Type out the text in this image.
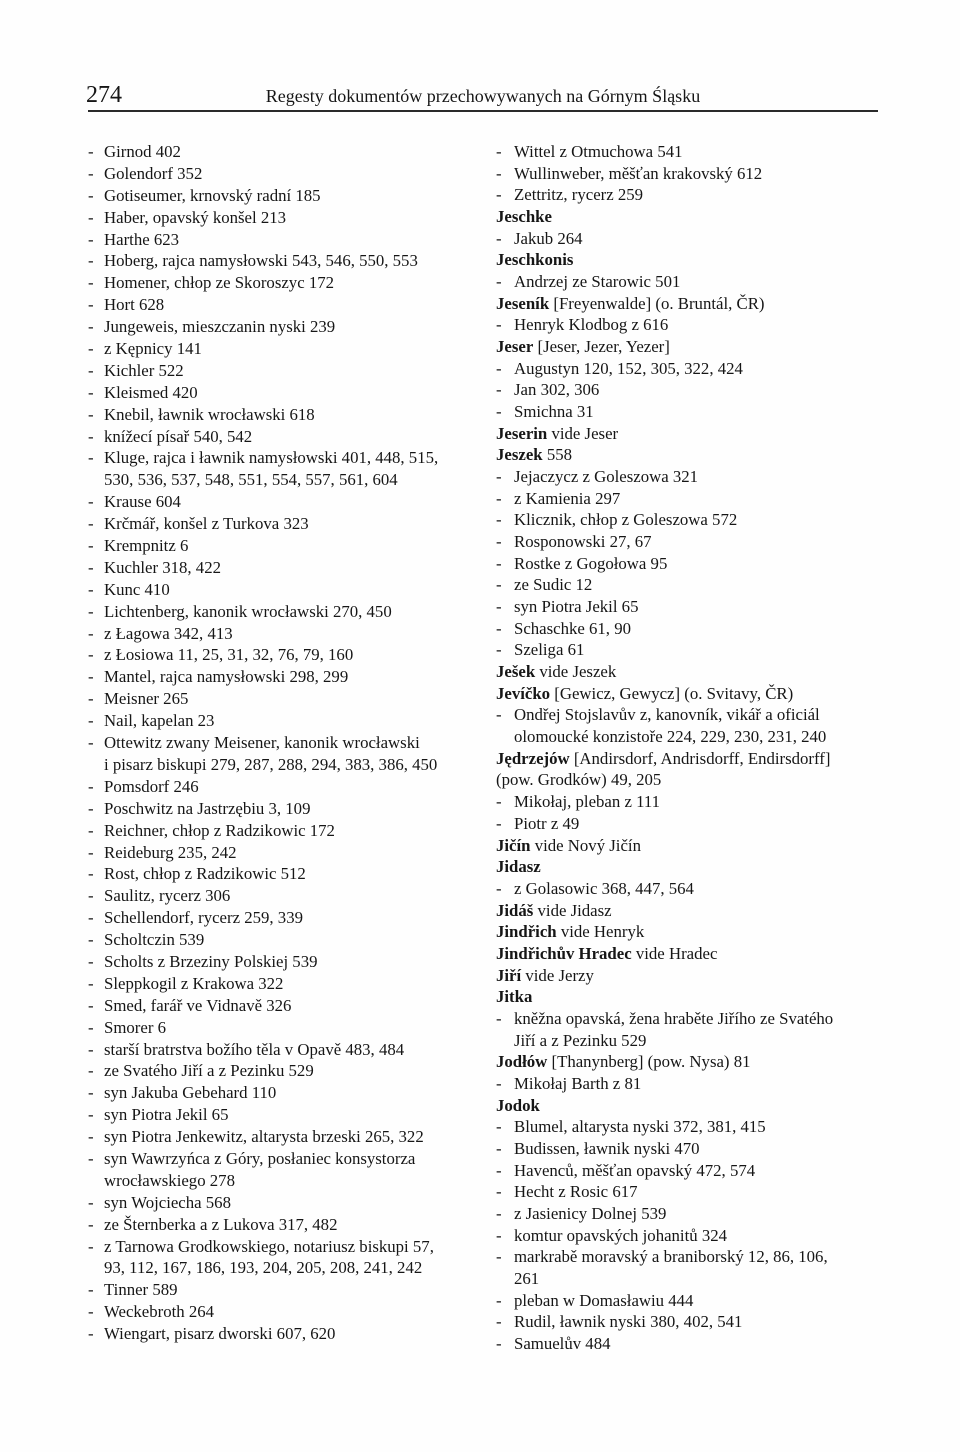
274	Regesty dokumentów przechowywanych na Górnym Śląsku
- Girnod 402
- Golendorf 352
- Gotiseumer, krnovský radní 185
- Haber, opavský konšel 213
- Harthe 623
- Hoberg, rajca namysłowski 543, 546, 550, 553
- Homener, chłop ze Skoroszyc 172
- Hort 628
- Jungeweis, mieszczanin nyski 239
- z Kępnicy 141
- Kichler 522
- Kleismed 420
- Knebil, ławnik wrocławski 618
- knížecí písař 540, 542
- Kluge, rajca i ławnik namysłowski 401, 448, 515,
530, 536, 537, 548, 551, 554, 557, 561, 604
- Krause 604
- Krčmář, konšel z Turkova 323
- Krempnitz 6
- Kuchler 318, 422
- Kunc 410
- Lichtenberg, kanonik wrocławski 270, 450
- z Łagowa 342, 413
- z Łosiowa 11, 25, 31, 32, 76, 79, 160
- Mantel, rajca namysłowski 298, 299
- Meisner 265
- Nail, kapelan 23
- Ottewitz zwany Meisener, kanonik wrocławski
i pisarz biskupi 279, 287, 288, 294, 383, 386, 450
- Pomsdorf 246
- Poschwitz na Jastrzębiu 3, 109
- Reichner, chłop z Radzikowic 172
- Reideburg 235, 242
- Rost, chłop z Radzikowic 512
- Saulitz, rycerz 306
- Schellendorf, rycerz 259, 339
- Scholtczin 539
- Scholts z Brzeziny Polskiej 539
- Sleppkogil z Krakowa 322
- Smed, farář ve Vidnavě 326
- Smorer 6
- starší bratrstva božího těla v Opavě 483, 484
- ze Svatého Jiří a z Pezinku 529
- syn Jakuba Gebehard 110
- syn Piotra Jekil 65
- syn Piotra Jenkewitz, altarysta brzeski 265, 322
- syn Wawrzyńca z Góry, posłaniec konsystorza
wrocławskiego 278
- syn Wojciecha 568
- ze Šternberka a z Lukova 317, 482
- z Tarnowa Grodkowskiego, notariusz biskupi 57,
93, 112, 167, 186, 193, 204, 205, 208, 241, 242
- Tinner 589
- Weckebroth 264
- Wiengart, pisarz dworski 607, 620
- Wittel z Otmuchowa 541
- Wullinweber, měšťan krakovský 612
- Zettritz, rycerz 259
Jeschke
- Jakub 264
Jeschkonis
- Andrzej ze Starowic 501
Jeseník [Freyenwalde] (o. Bruntál, ČR)
- Henryk Klodbog z 616
Jeser [Jeser, Jezer, Yezer]
- Augustyn 120, 152, 305, 322, 424
- Jan 302, 306
- Smichna 31
Jeserin vide Jeser
Jeszek 558
- Jejaczycz z Goleszowa 321
- z Kamienia 297
- Klicznik, chłop z Goleszowa 572
- Rosponowski 27, 67
- Rostke z Gogołowa 95
- ze Sudic 12
- syn Piotra Jekil 65
- Schaschke 61, 90
- Szeliga 61
Ješek vide Jeszek
Jevíčko [Gewicz, Gewycz] (o. Svitavy, ČR)
- Ondřej Stojslavův z, kanovník, vikář a oficiál
olomoucké konzistoře 224, 229, 230, 231, 240
Jędrzejów [Andirsdorf, Andrisdorff, Endirsdorff]
(pow. Grodków) 49, 205
- Mikołaj, pleban z 111
- Piotr z 49
Jičín vide Nový Jičín
Jidasz
- z Golasowic 368, 447, 564
Jidáš vide Jidasz
Jindřich vide Henryk
Jindřichův Hradec vide Hradec
Jiří vide Jerzy
Jitka
- kněžna opavská, žena hraběte Jiřího ze Svatého
Jiří a z Pezinku 529
Jodłów [Thanynberg] (pow. Nysa) 81
- Mikołaj Barth z 81
Jodok
- Blumel, altarysta nyski 372, 381, 415
- Budissen, ławnik nyski 470
- Havenců, měšťan opavský 472, 574
- Hecht z Rosic 617
- z Jasienicy Dolnej 539
- komtur opavských johanitů 324
- markrabě moravský a braniborský 12, 86, 106,
261
- pleban w Domasławiu 444
- Rudil, ławnik nyski 380, 402, 541
- Samuelův 484
